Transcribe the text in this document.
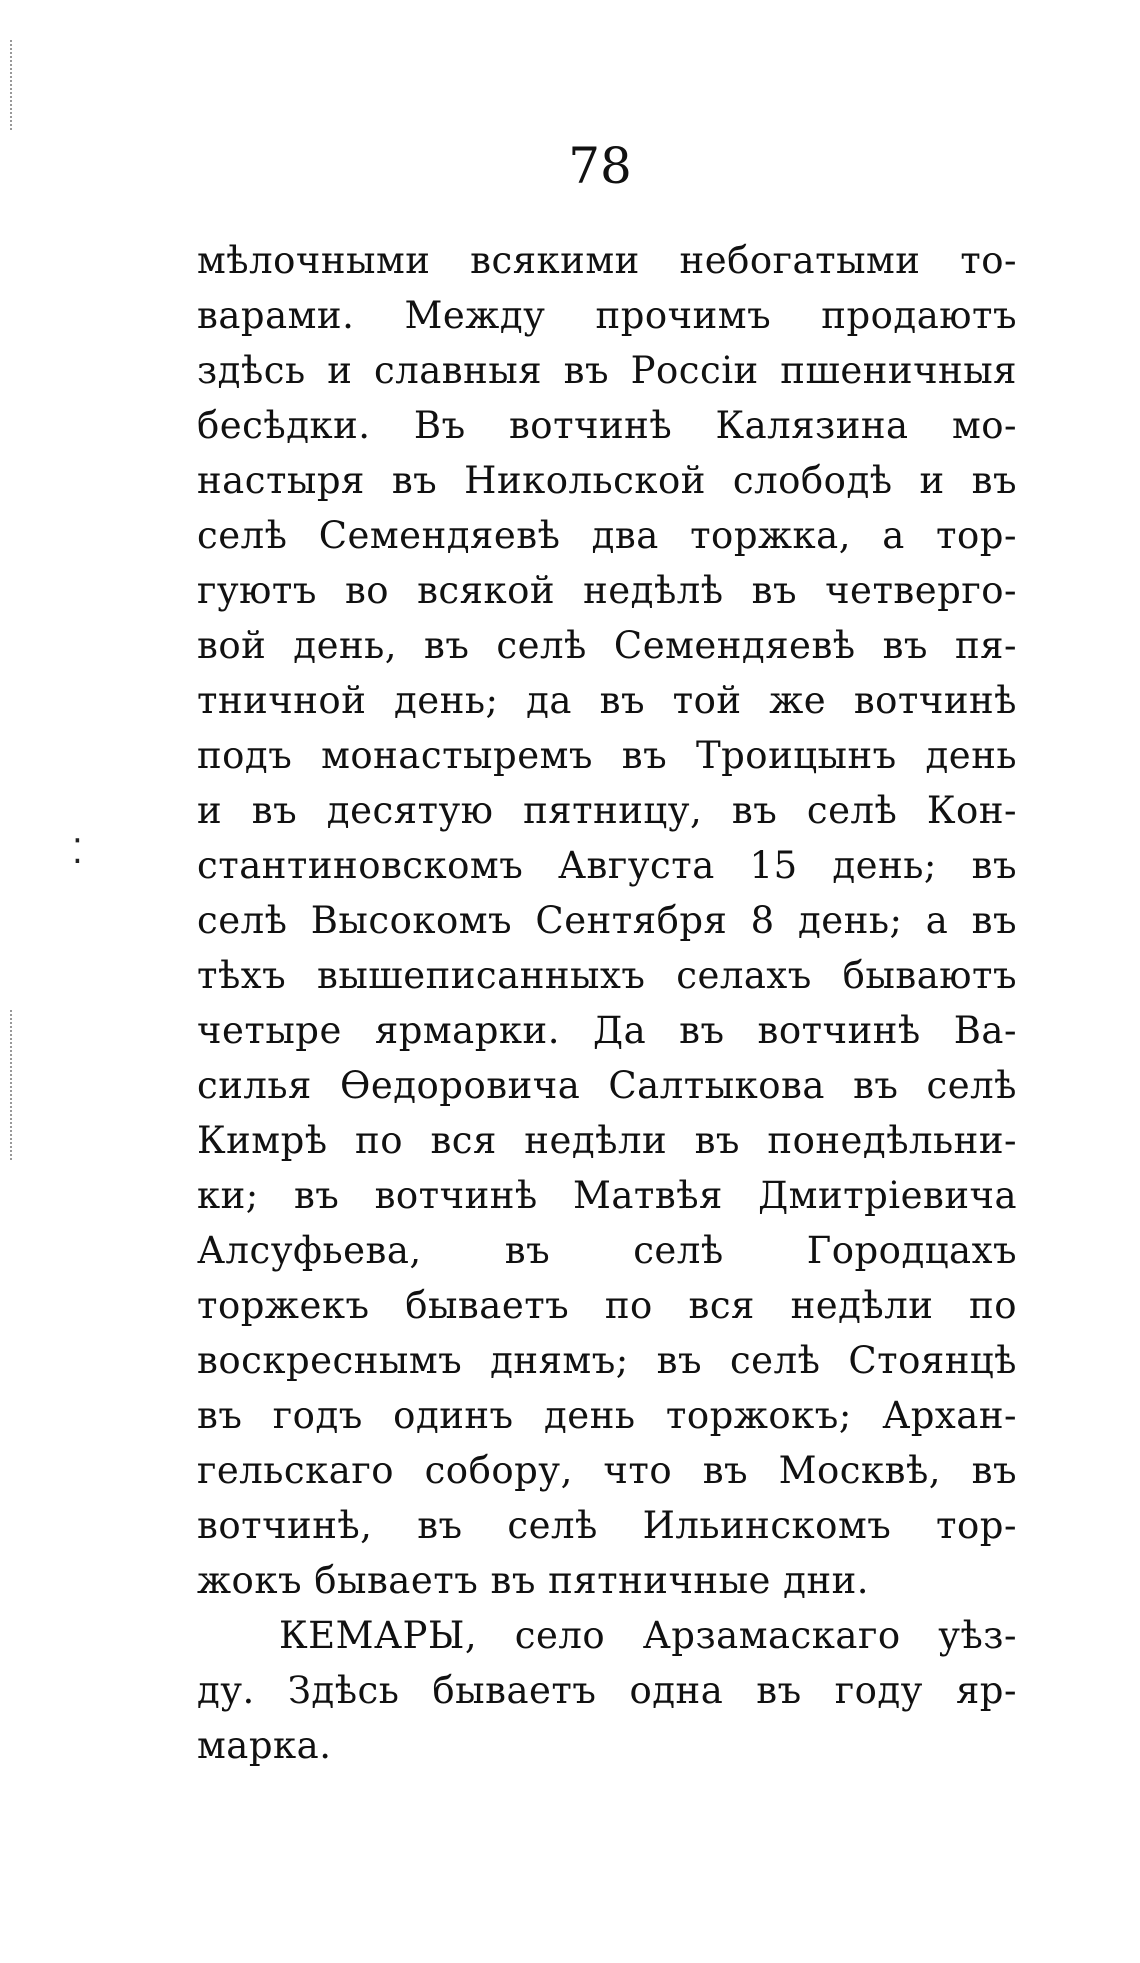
78
⁚
мѣлочными всякими небогатыми то-
варами. Между прочимъ продаютъ
здѣсь и славныя въ Россіи пшеничныя
бесѣдки. Въ вотчинѣ Калязина мо-
настыря въ Никольской слободѣ и въ
селѣ Семендяевѣ два торжка, а тор-
гуютъ во всякой недѣлѣ въ четверго-
вой день, въ селѣ Семендяевѣ въ пя-
тничной день; да въ той же вотчинѣ
подъ монастыремъ въ Троицынъ день
и въ десятую пятницу, въ селѣ Кон-
стантиновскомъ Августа 15 день; въ
селѣ Высокомъ Сентября 8 день; а въ
тѣхъ вышеписанныхъ селахъ бываютъ
четыре ярмарки. Да въ вотчинѣ Ва-
силья Ѳедоровича Салтыкова въ селѣ
Кимрѣ по вся недѣли въ понедѣльни-
ки; въ вотчинѣ Матвѣя Дмитріевича
Алсуфьева, въ селѣ Городцахъ
торжекъ бываетъ по вся недѣли по
воскреснымъ днямъ; въ селѣ Стоянцѣ
въ годъ одинъ день торжокъ; Архан-
гельскаго собору, что въ Москвѣ, въ
вотчинѣ, въ селѣ Ильинскомъ тор-
жокъ бываетъ въ пятничные дни.
КЕМАРЫ, село Арзамаскаго уѣз-
ду. Здѣсь бываетъ одна въ году яр-
марка.
